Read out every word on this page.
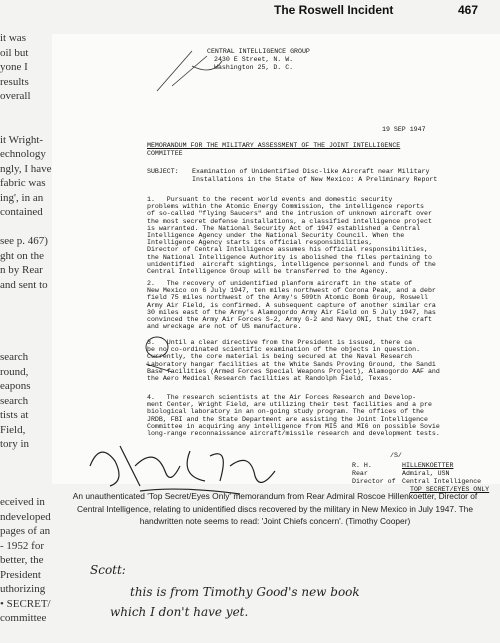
The Roswell Incident	467
it was
oil but
yone I
results
overall
it Wright-
echnology
ngly, I have
fabric was
ing', in an
contained
see p. 467)
ght on the
n by Rear
and sent to
search
round,
eapons
search
tists at
Field,
tory in
eceived in
ndeveloped
pages of an
- 1952 for
better, the
President
uthorizing
• SECRET/
committee
CENTRAL INTELLIGENCE GROUP
2430 E Street, N. W.
Washington 25, D. C.
19 SEP 1947
MEMORANDUM FOR THE MILITARY ASSESSMENT OF THE JOINT INTELLIGENCE
COMMITTEE
SUBJECT: Examination of Unidentified Disc-like Aircraft near Military
Installations in the State of New Mexico: A Preliminary Report
1.   Pursuant to the recent world events and domestic security
problems within the Atomic Energy Commission, the intelligence reports
of so-called "flying Saucers" and the intrusion of unknown aircraft over
the most secret defense installations, a classified intelligence project
is warranted. The National Security Act of 1947 established a Central
Intelligence Agency under the National Security Council. When the
Intelligence Agency starts its official responsibilities,
Director of Central Intelligence assumes his official responsibilities,
the National Intelligence Authority is abolished the files pertaining to
unidentified  aircraft sightings, intelligence personnel and funds of the
Central Intelligence Group will be transferred to the Agency.
2.   The recovery of unidentified planform aircraft in the state of
New Mexico on 6 July 1947, ten miles northwest of Corona Peak, and a debr
field 75 miles northwest of the Army's 509th Atomic Bomb Group, Roswell
Army Air Field, is confirmed. A subsequent capture of another similar cra
30 miles east of the Army's Alamogordo Army Air Field on 5 July 1947, has
convinced the Army Air Forces S-2, Army G-2 and Navy ONI, that the craft
and wreckage are not of US manufacture.
3.   Until a clear directive from the President is issued, there ca
be no co-ordinated scientific examination of the objects in question.
Currently, the core material is being secured at the Naval Research
Laboratory hangar facilities at the White Sands Proving Ground, the Sandi
Base facilities (Armed Forces Special Weapons Project), Alamogordo AAF and
the Aero Medical Research facilities at Randolph Field, Texas.
4.   The research scientists at the Air Forces Research and Develop-
ment Center, Wright Field, are utilizing their test facilities and a pre
biological laboratory in an on-going study program. The offices of the
JRDB, FBI and the State Department are assisting the Joint Intelligence
Committee in acquiring any intelligence from MI5 and MI6 on possible Sovie
long-range reconnaissance aircraft/missile research and development tests.
/S/
R. H.	HILLENKOETTER
Rear	Admiral, USN
Director of Central Intelligence
TOP SECRET/EYES ONLY
An unauthenticated 'Top Secret/Eyes Only' memorandum from Rear Admiral Roscoe Hillenkoetter, Director of Central Intelligence, relating to unidentified discs recovered by the military in New Mexico in July 1947. The handwritten note seems to read: 'Joint Chiefs concern'. (Timothy Cooper)
Scott:
this is from Timothy Good's new book
which I don't have yet.
